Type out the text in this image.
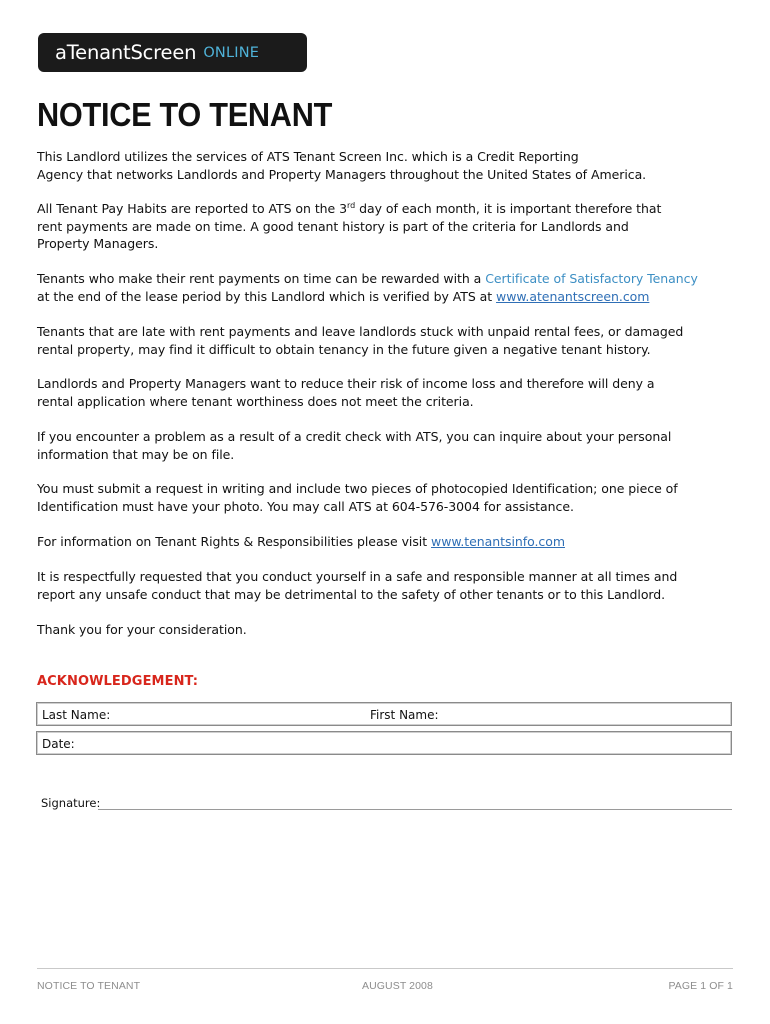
aTenantScreen ONLINE
NOTICE TO TENANT

This Landlord utilizes the services of ATS Tenant Screen Inc. which is a Credit Reporting
Agency that networks Landlords and Property Managers throughout the United States of America.

All Tenant Pay Habits are reported to ATS on the 3rd day of each month, it is important therefore that
rent payments are made on time. A good tenant history is part of the criteria for Landlords and
Property Managers.

Tenants who make their rent payments on time can be rewarded with a Certificate of Satisfactory Tenancy
at the end of the lease period by this Landlord which is verified by ATS at www.atenantscreen.com

Tenants that are late with rent payments and leave landlords stuck with unpaid rental fees, or damaged
rental property, may find it difficult to obtain tenancy in the future given a negative tenant history.

Landlords and Property Managers want to reduce their risk of income loss and therefore will deny a
rental application where tenant worthiness does not meet the criteria.

If you encounter a problem as a result of a credit check with ATS, you can inquire about your personal
information that may be on file.

You must submit a request in writing and include two pieces of photocopied Identification; one piece of
Identification must have your photo. You may call ATS at 604-576-3004 for assistance.

For information on Tenant Rights & Responsibilities please visit www.tenantsinfo.com

It is respectfully requested that you conduct yourself in a safe and responsible manner at all times and
report any unsafe conduct that may be detrimental to the safety of other tenants or to this Landlord.

Thank you for your consideration.

ACKNOWLEDGEMENT:
Last Name:	First Name:
Date:
Signature:
NOTICE TO TENANT	AUGUST 2008	PAGE 1 OF 1
